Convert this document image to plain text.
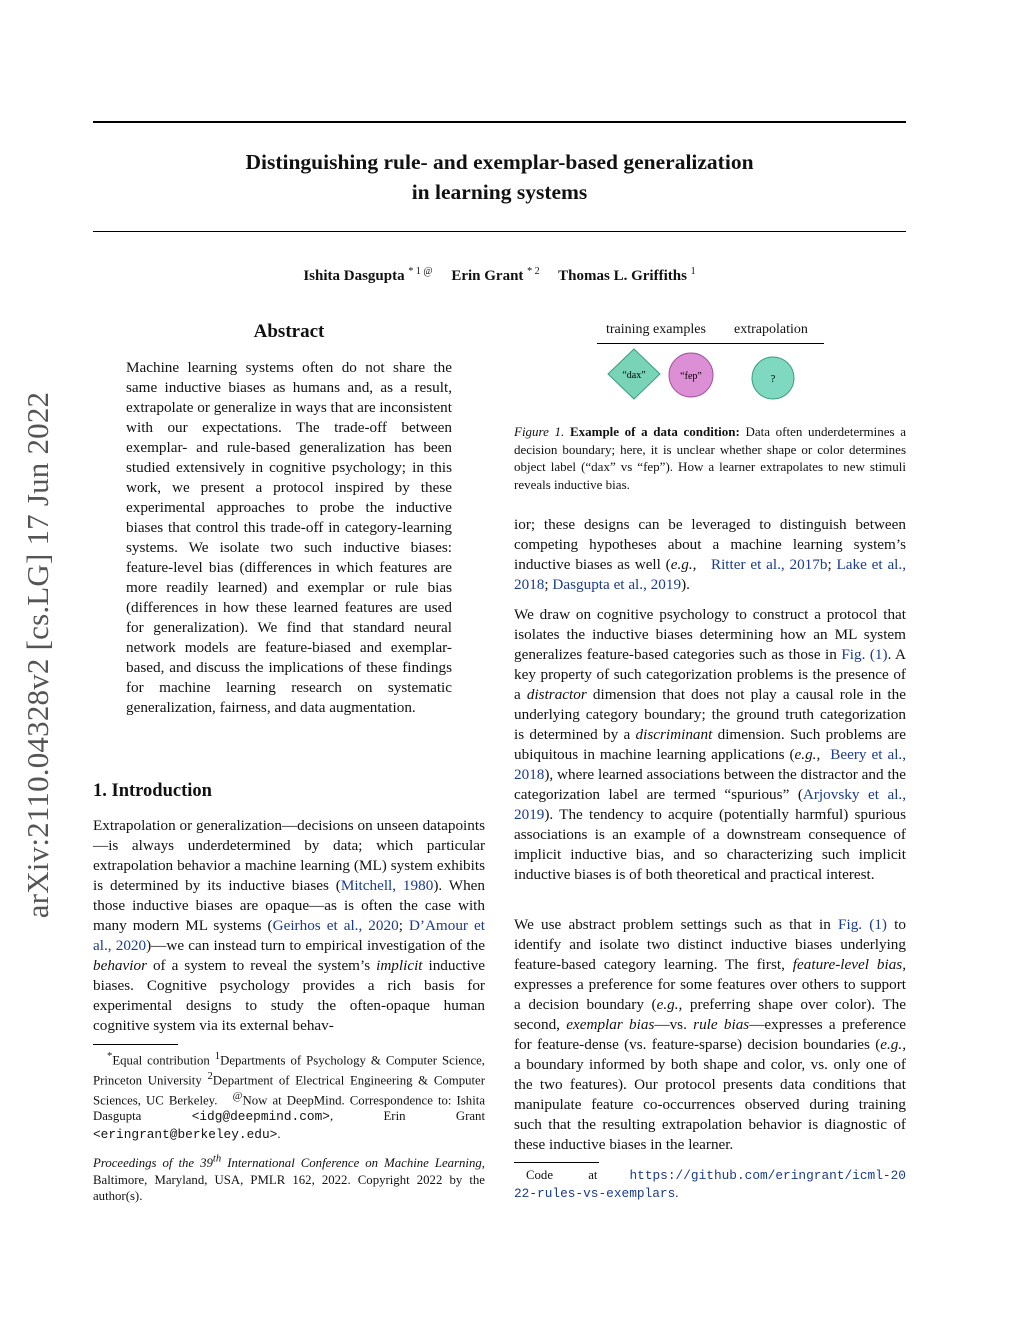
Distinguishing rule- and exemplar-based generalization
in learning systems
Ishita Dasgupta $^{* 1 @}$ Erin Grant $^{* 2}$ Thomas L. Griffiths $^1$
arXiv:2110.04328v2 [cs.LG] 17 Jun 2022
Abstract
Machine learning systems often do not share the same inductive biases as humans and, as a result, extrapolate or generalize in ways that are inconsistent with our expectations. The trade-off between exemplar- and rule-based generalization has been studied extensively in cognitive psychology; in this work, we present a protocol inspired by these experimental approaches to probe the inductive biases that control this trade-off in category-learning systems. We isolate two such inductive biases: feature-level bias (differences in which features are more readily learned) and exemplar or rule bias (differences in how these learned features are used for generalization). We find that standard neural network models are feature-biased and exemplar-based, and discuss the implications of these findings for machine learning research on systematic generalization, fairness, and data augmentation.
1. Introduction
Extrapolation or generalization—decisions on unseen datapoints—is always underdetermined by data; which particular extrapolation behavior a machine learning (ML) system exhibits is determined by its inductive biases (Mitchell, 1980). When those inductive biases are opaque—as is often the case with many modern ML systems (Geirhos et al., 2020; D’Amour et al., 2020)—we can instead turn to empirical investigation of the behavior of a system to reveal the system’s implicit inductive biases. Cognitive psychology provides a rich basis for experimental designs to study the often-opaque human cognitive system via its external behav-
*Equal contribution $^1$Departments of Psychology & Computer Science, Princeton University $^2$Department of Electrical Engineering & Computer Sciences, UC Berkeley. @Now at DeepMind. Correspondence to: Ishita Dasgupta	<idg@deepmind.com>, Erin Grant <eringrant@berkeley.edu>.
Proceedings of the 39th International Conference on Machine Learning, Baltimore, Maryland, USA, PMLR 162, 2022. Copyright 2022 by the author(s).
training examples extrapolation
“dax”	“fep”	?
Figure 1. Example of a data condition: Data often underdetermines a decision boundary; here, it is unclear whether shape or color determines object label (“dax” vs “fep”). How a learner extrapolates to new stimuli reveals inductive bias.
ior; these designs can be leveraged to distinguish between competing hypotheses about a machine learning system’s inductive biases as well (e.g., Ritter et al., 2017b; Lake et al., 2018; Dasgupta et al., 2019).
We draw on cognitive psychology to construct a protocol that isolates the inductive biases determining how an ML system generalizes feature-based categories such as those in Fig. (1). A key property of such categorization problems is the presence of a distractor dimension that does not play a causal role in the underlying category boundary; the ground truth categorization is determined by a discriminant dimension. Such problems are ubiquitous in machine learning applications (e.g., Beery et al., 2018), where learned associations between the distractor and the categorization label are termed “spurious” (Arjovsky et al., 2019). The tendency to acquire (potentially harmful) spurious associations is an example of a downstream consequence of implicit inductive bias, and so characterizing such implicit inductive biases is of both theoretical and practical interest.
We use abstract problem settings such as that in Fig. (1) to identify and isolate two distinct inductive biases underlying feature-based category learning. The first, feature-level bias, expresses a preference for some features over others to support a decision boundary (e.g., preferring shape over color). The second, exemplar bias—vs. rule bias—expresses a preference for feature-dense (vs. feature-sparse) decision boundaries (e.g., a boundary informed by both shape and color, vs. only one of the two features). Our protocol presents data conditions that manipulate feature co-occurrences observed during training such that the resulting extrapolation behavior is diagnostic of these inductive biases in the learner.
Code	at	https://github.com/eringrant/icml-2022-rules-vs-exemplars.
